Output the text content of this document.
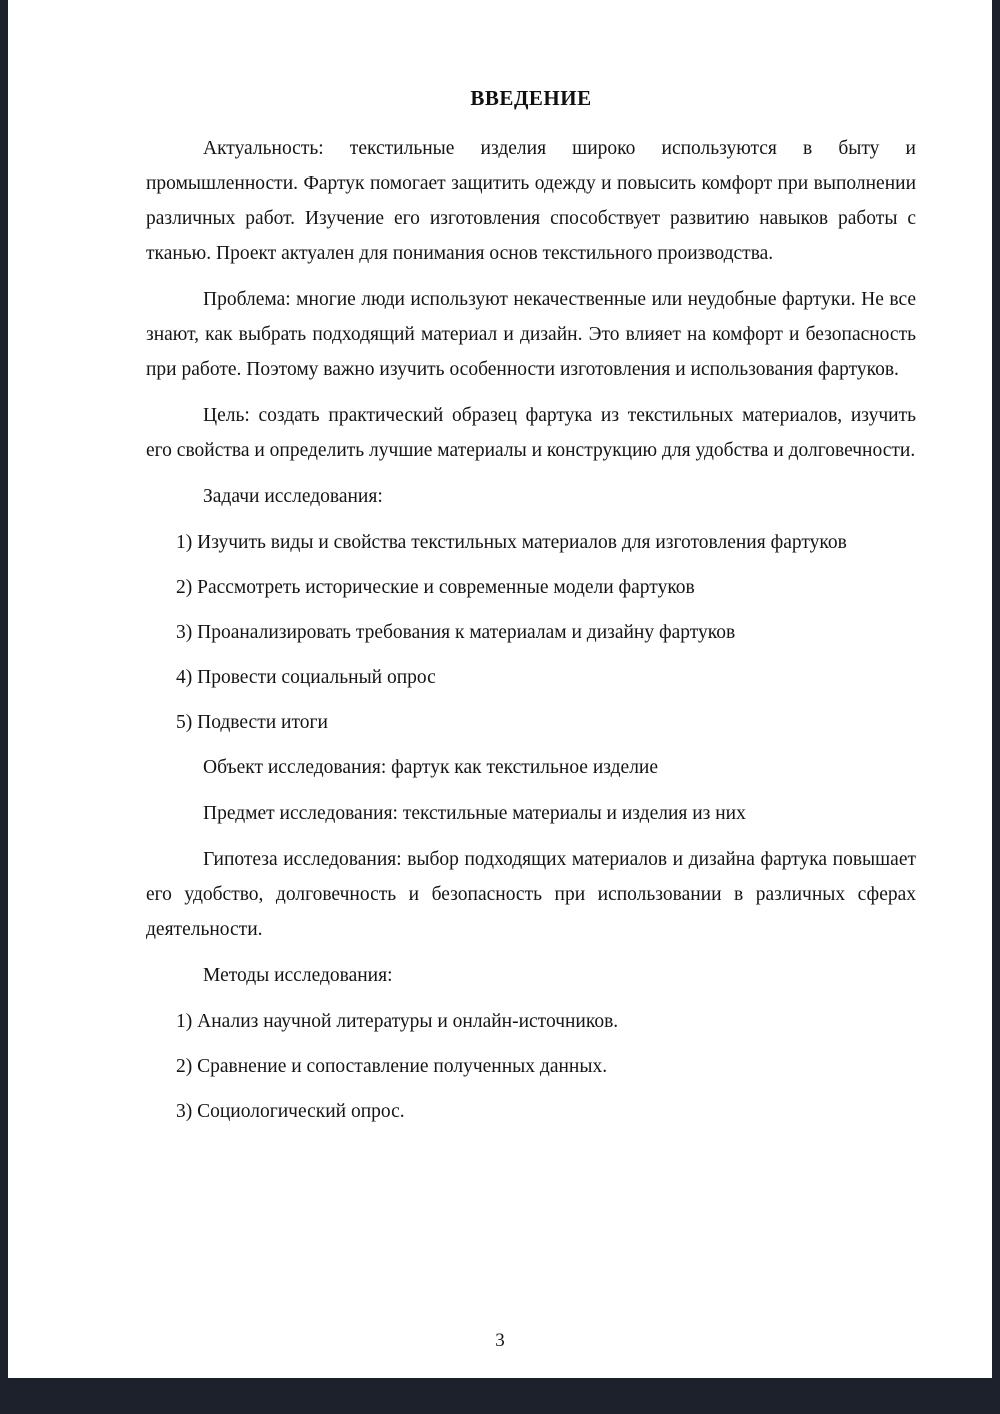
ВВЕДЕНИЕ

Актуальность: текстильные изделия широко используются в быту и промышленности. Фартук помогает защитить одежду и повысить комфорт при выполнении различных работ. Изучение его изготовления способствует развитию навыков работы с тканью. Проект актуален для понимания основ текстильного производства.

Проблема: многие люди используют некачественные или неудобные фартуки. Не все знают, как выбрать подходящий материал и дизайн. Это влияет на комфорт и безопасность при работе. Поэтому важно изучить особенности изготовления и использования фартуков.

Цель: создать практический образец фартука из текстильных материалов, изучить его свойства и определить лучшие материалы и конструкцию для удобства и долговечности.

Задачи исследования:

1) Изучить виды и свойства текстильных материалов для изготовления фартуков

2) Рассмотреть исторические и современные модели фартуков

3) Проанализировать требования к материалам и дизайну фартуков

4) Провести социальный опрос

5) Подвести итоги

Объект исследования: фартук как текстильное изделие

Предмет исследования: текстильные материалы и изделия из них

Гипотеза исследования: выбор подходящих материалов и дизайна фартука повышает его удобство, долговечность и безопасность при использовании в различных сферах деятельности.

Методы исследования:

1) Анализ научной литературы и онлайн-источников.

2) Сравнение и сопоставление полученных данных.

3) Социологический опрос.

3
